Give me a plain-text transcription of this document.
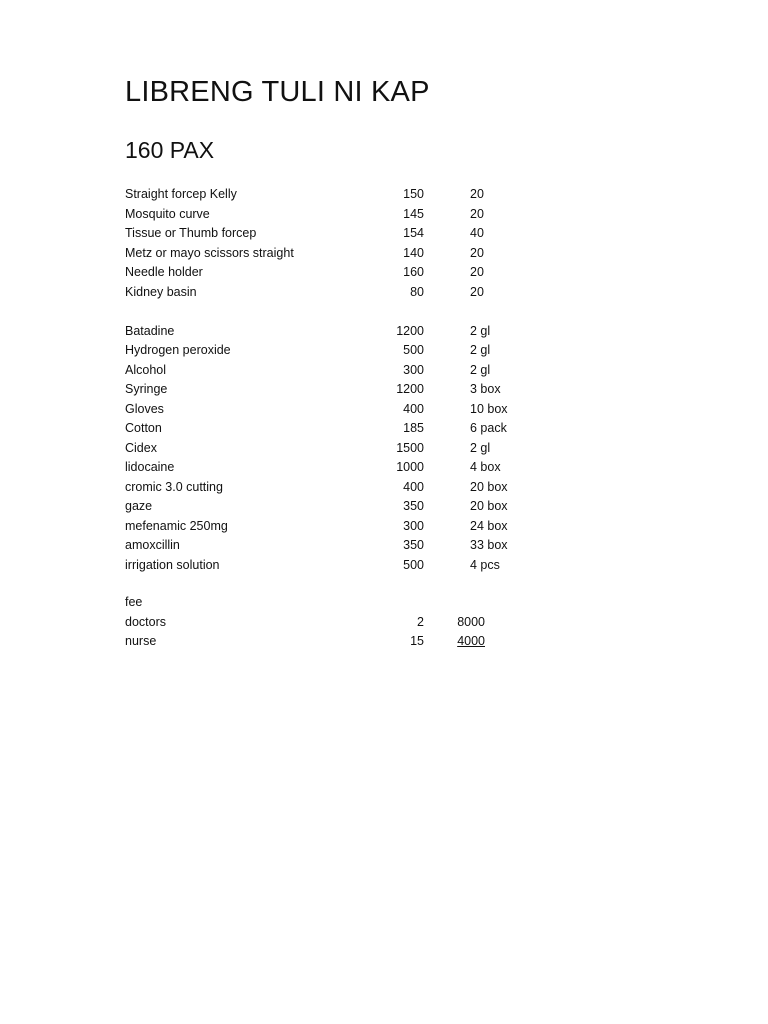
LIBRENG TULI NI KAP
160 PAX
Straight forcep Kelly	150	20
Mosquito curve	145	20
Tissue or Thumb forcep	154	40
Metz or mayo scissors straight	140	20
Needle holder	160	20
Kidney basin	80	20
Batadine	1200	2 gl
Hydrogen peroxide	500	2 gl
Alcohol	300	2 gl
Syringe	1200	3 box
Gloves	400	10 box
Cotton	185	6 pack
Cidex	1500	2 gl
lidocaine	1000	4 box
cromic 3.0 cutting	400	20 box
gaze	350	20 box
mefenamic 250mg	300	24 box
amoxcillin	350	33 box
irrigation solution	500	4 pcs
fee
doctors	2	8000
nurse	15	4000
